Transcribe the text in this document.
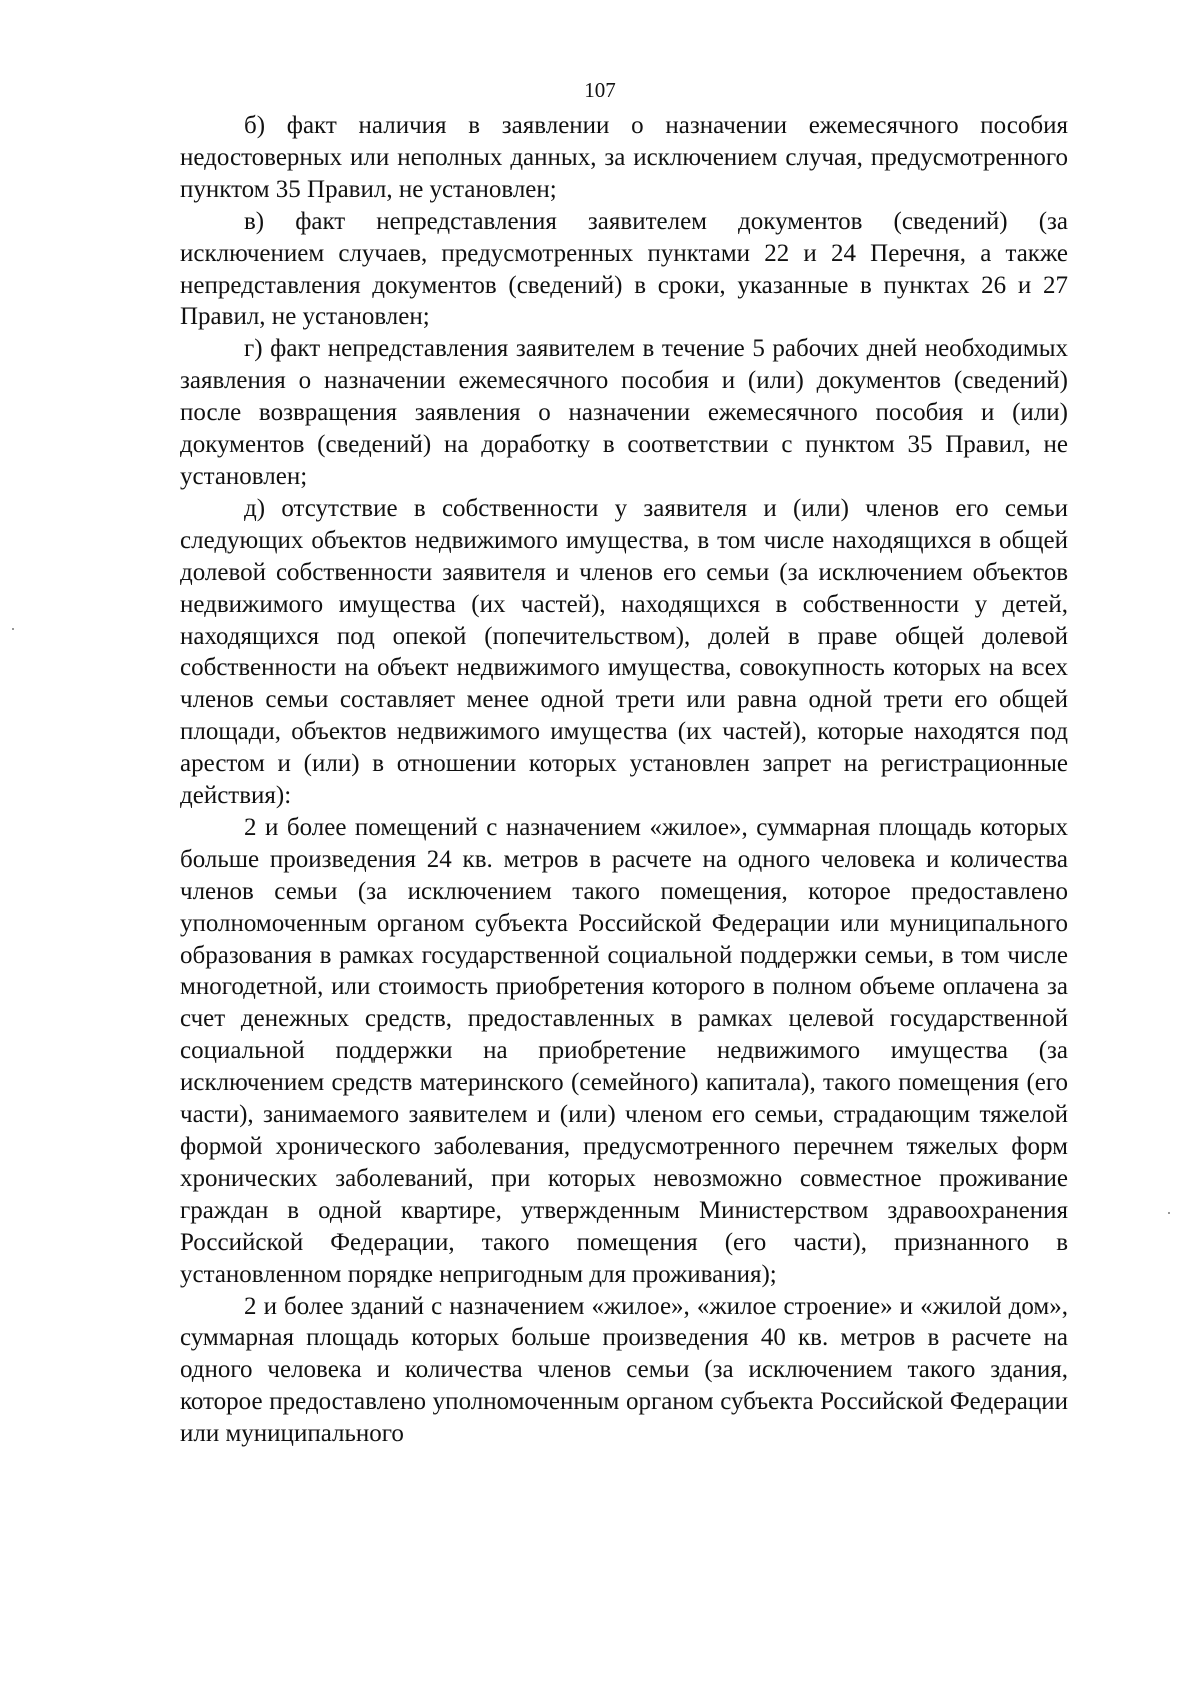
107

б) факт наличия в заявлении о назначении ежемесячного пособия недостоверных или неполных данных, за исключением случая, предусмотренного пунктом 35 Правил, не установлен;

в) факт непредставления заявителем документов (сведений) (за исключением случаев, предусмотренных пунктами 22 и 24 Перечня, а также непредставления документов (сведений) в сроки, указанные в пунктах 26 и 27 Правил, не установлен;

г) факт непредставления заявителем в течение 5 рабочих дней необходимых заявления о назначении ежемесячного пособия и (или) документов (сведений) после возвращения заявления о назначении ежемесячного пособия и (или) документов (сведений) на доработку в соответствии с пунктом 35 Правил, не установлен;

д) отсутствие в собственности у заявителя и (или) членов его семьи следующих объектов недвижимого имущества, в том числе находящихся в общей долевой собственности заявителя и членов его семьи (за исключением объектов недвижимого имущества (их частей), находящихся в собственности у детей, находящихся под опекой (попечительством), долей в праве общей долевой собственности на объект недвижимого имущества, совокупность которых на всех членов семьи составляет менее одной трети или равна одной трети его общей площади, объектов недвижимого имущества (их частей), которые находятся под арестом и (или) в отношении которых установлен запрет на регистрационные действия):

2 и более помещений с назначением «жилое», суммарная площадь которых больше произведения 24 кв. метров в расчете на одного человека и количества членов семьи (за исключением такого помещения, которое предоставлено уполномоченным органом субъекта Российской Федерации или муниципального образования в рамках государственной социальной поддержки семьи, в том числе многодетной, или стоимость приобретения которого в полном объеме оплачена за счет денежных средств, предоставленных в рамках целевой государственной социальной поддержки на приобретение недвижимого имущества (за исключением средств материнского (семейного) капитала), такого помещения (его части), занимаемого заявителем и (или) членом его семьи, страдающим тяжелой формой хронического заболевания, предусмотренного перечнем тяжелых форм хронических заболеваний, при которых невозможно совместное проживание граждан в одной квартире, утвержденным Министерством здравоохранения Российской Федерации, такого помещения (его части), признанного в установленном порядке непригодным для проживания);

2 и более зданий с назначением «жилое», «жилое строение» и «жилой дом», суммарная площадь которых больше произведения 40 кв. метров в расчете на одного человека и количества членов семьи (за исключением такого здания, которое предоставлено уполномоченным органом субъекта Российской Федерации или муниципального
